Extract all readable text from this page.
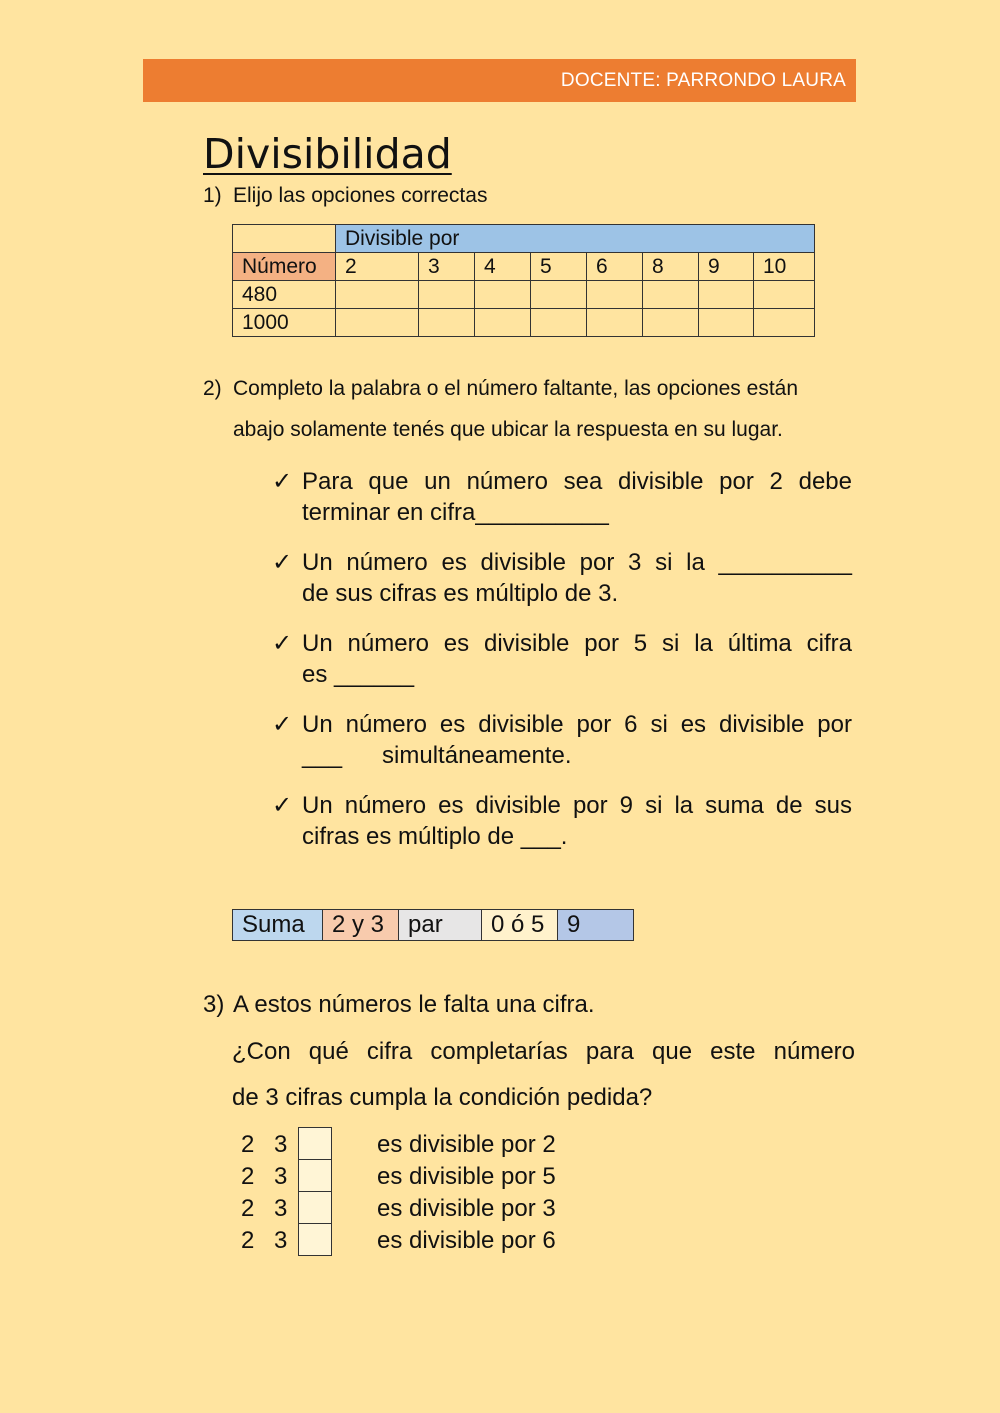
DOCENTE: PARRONDO LAURA
Divisibilidad
1) Elijo las opciones correctas
	Divisible por							
Número	2	3	4	5	6	8	9	10
480								
1000								
2) Completo la palabra o el número faltante, las opciones están
abajo solamente tenés que ubicar la respuesta en su lugar.
✓ Para que un número sea divisible por 2 debe
terminar en cifra__________
✓ Un número es divisible por 3 si la __________
de sus cifras es múltiplo de 3.
✓ Un número es divisible por 5 si la última cifra
es ______
✓ Un número es divisible por 6 si es divisible por
___      simultáneamente.
✓ Un número es divisible por 9 si la suma de sus
cifras es múltiplo de ___.
Suma	2 y 3	par	0 ó 5	9
3) A estos números le falta una cifra.
¿Con qué cifra completarías para que este número
de 3 cifras cumpla la condición pedida?
2 3	es divisible por 2
2 3	es divisible por 5
2 3	es divisible por 3
2 3	es divisible por 6
